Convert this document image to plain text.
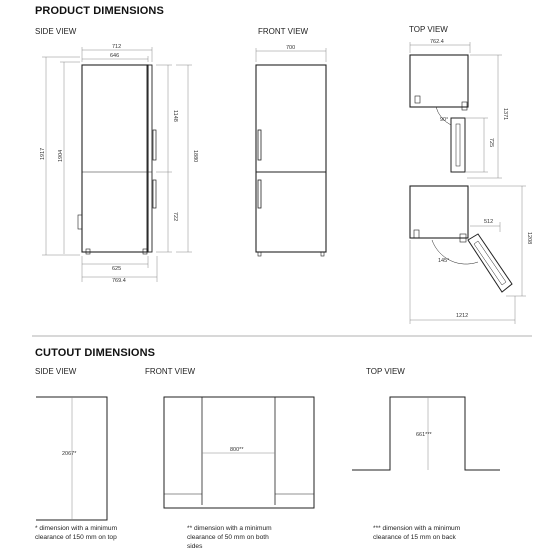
PRODUCT DIMENSIONS
SIDE VIEW	FRONT VIEW	TOP VIEW
CUTOUT DIMENSIONS
SIDE VIEW	FRONT VIEW	TOP VIEW
712
646
1917 1904
1148
1880
722
625
769.4
700
762.4
1371
90°
725
512
1208
145°
1212
2067*
800**
661***
* dimension with a minimum
clearance of 150 mm on top
** dimension with a minimum
clearance of 50 mm on both
sides
*** dimension with a minimum
clearance of 15 mm on back
